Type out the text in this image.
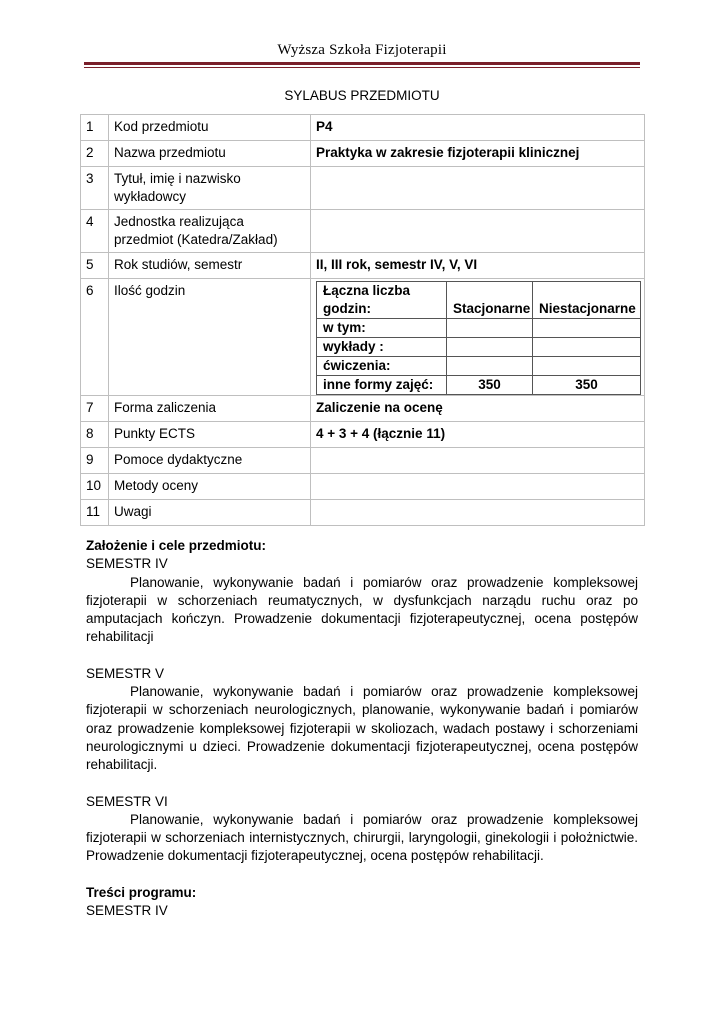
Wyższa Szkoła Fizjoterapii
SYLABUS PRZEDMIOTU
1	Kod przedmiotu	P4
2	Nazwa przedmiotu	Praktyka w zakresie fizjoterapii klinicznej
3	Tytuł, imię i nazwisko wykładowcy	
4	Jednostka realizująca przedmiot (Katedra/Zakład)	
5	Rok studiów, semestr	II, III rok, semestr IV, V, VI
6	Ilość godzin		Łączna liczba godzin:	Stacjonarne	Niestacjonarne
w tym:		
wykłady :		
ćwiczenia:		
inne formy zajęć:	350	350

7	Forma zaliczenia	Zaliczenie na ocenę
8	Punkty ECTS	4 + 3 + 4 (łącznie 11)
9	Pomoce dydaktyczne	
10	Metody oceny	
11	Uwagi	

Założenie i cele przedmiotu:

SEMESTR IV

Planowanie, wykonywanie badań i pomiarów oraz prowadzenie kompleksowej fizjoterapii w schorzeniach reumatycznych, w dysfunkcjach narządu ruchu oraz po amputacjach kończyn. Prowadzenie dokumentacji fizjoterapeutycznej, ocena postępów rehabilitacji

SEMESTR V

Planowanie, wykonywanie badań i pomiarów oraz prowadzenie kompleksowej fizjoterapii w schorzeniach neurologicznych, planowanie, wykonywanie badań i pomiarów oraz prowadzenie kompleksowej fizjoterapii w skoliozach, wadach postawy i schorzeniami neurologicznymi u dzieci. Prowadzenie dokumentacji fizjoterapeutycznej, ocena postępów rehabilitacji.

SEMESTR VI

Planowanie, wykonywanie badań i pomiarów oraz prowadzenie kompleksowej fizjoterapii w schorzeniach internistycznych, chirurgii, laryngologii, ginekologii i położnictwie. Prowadzenie dokumentacji fizjoterapeutycznej, ocena postępów rehabilitacji.

Treści programu:

SEMESTR IV
